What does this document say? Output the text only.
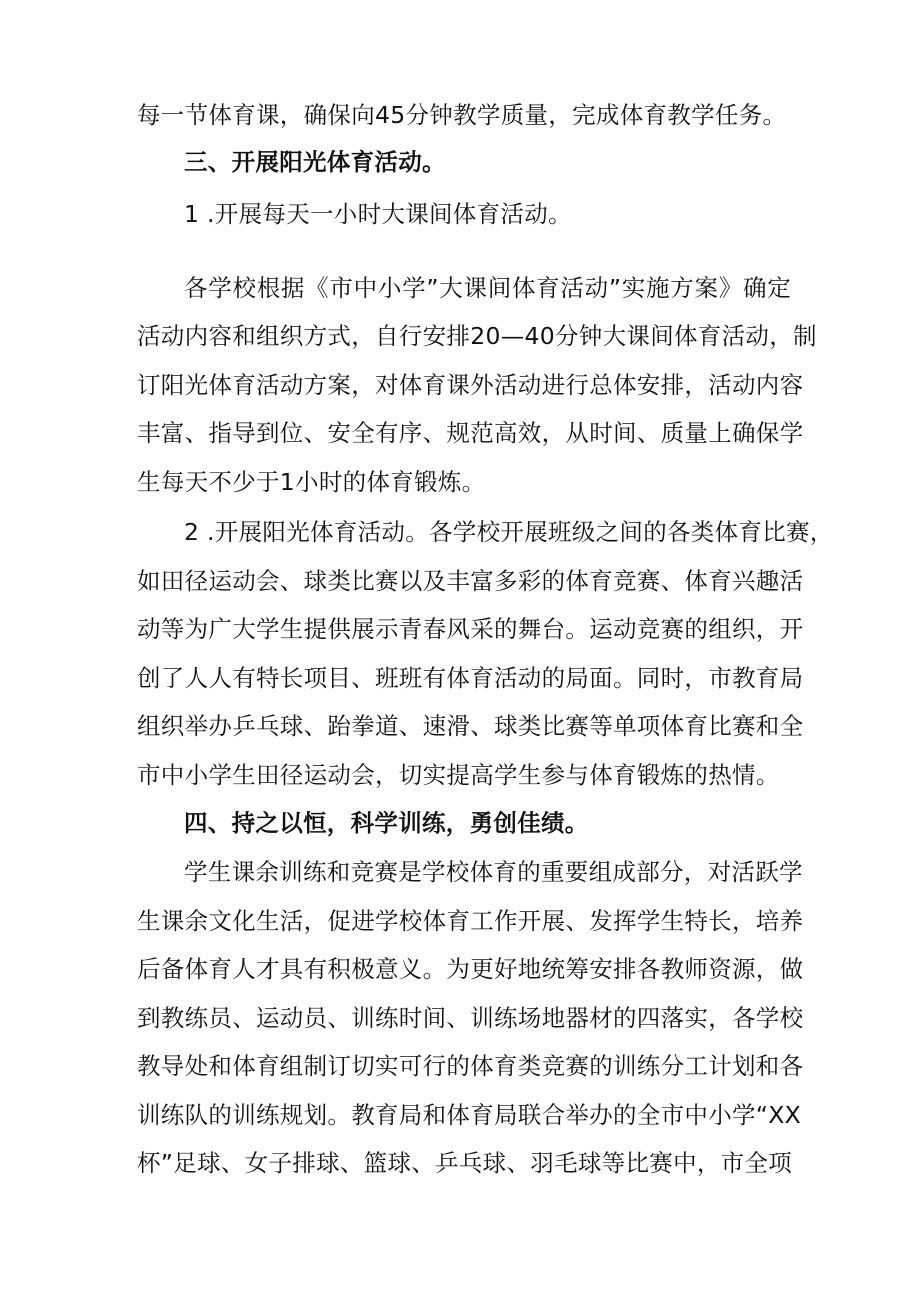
每一节体育课，确保向45分钟教学质量，完成体育教学任务。
三、开展阳光体育活动。
1 .开展每天一小时大课间体育活动。
各学校根据《市中小学”大课间体育活动”实施方案》确定
活动内容和组织方式，自行安排20—40分钟大课间体育活动，制
订阳光体育活动方案，对体育课外活动进行总体安排，活动内容
丰富、指导到位、安全有序、规范高效，从时间、质量上确保学
生每天不少于1小时的体育锻炼。
2 .开展阳光体育活动。各学校开展班级之间的各类体育比赛，
如田径运动会、球类比赛以及丰富多彩的体育竞赛、体育兴趣活
动等为广大学生提供展示青春风采的舞台。运动竞赛的组织，开
创了人人有特长项目、班班有体育活动的局面。同时，市教育局
组织举办乒乓球、跆拳道、速滑、球类比赛等单项体育比赛和全
市中小学生田径运动会，切实提高学生参与体育锻炼的热情。
四、持之以恒，科学训练，勇创佳绩。
学生课余训练和竞赛是学校体育的重要组成部分，对活跃学
生课余文化生活，促进学校体育工作开展、发挥学生特长，培养
后备体育人才具有积极意义。为更好地统筹安排各教师资源，做
到教练员、运动员、训练时间、训练场地器材的四落实，各学校
教导处和体育组制订切实可行的体育类竞赛的训练分工计划和各
训练队的训练规划。教育局和体育局联合举办的全市中小学“XX
杯”足球、女子排球、篮球、乒乓球、羽毛球等比赛中，市全项
